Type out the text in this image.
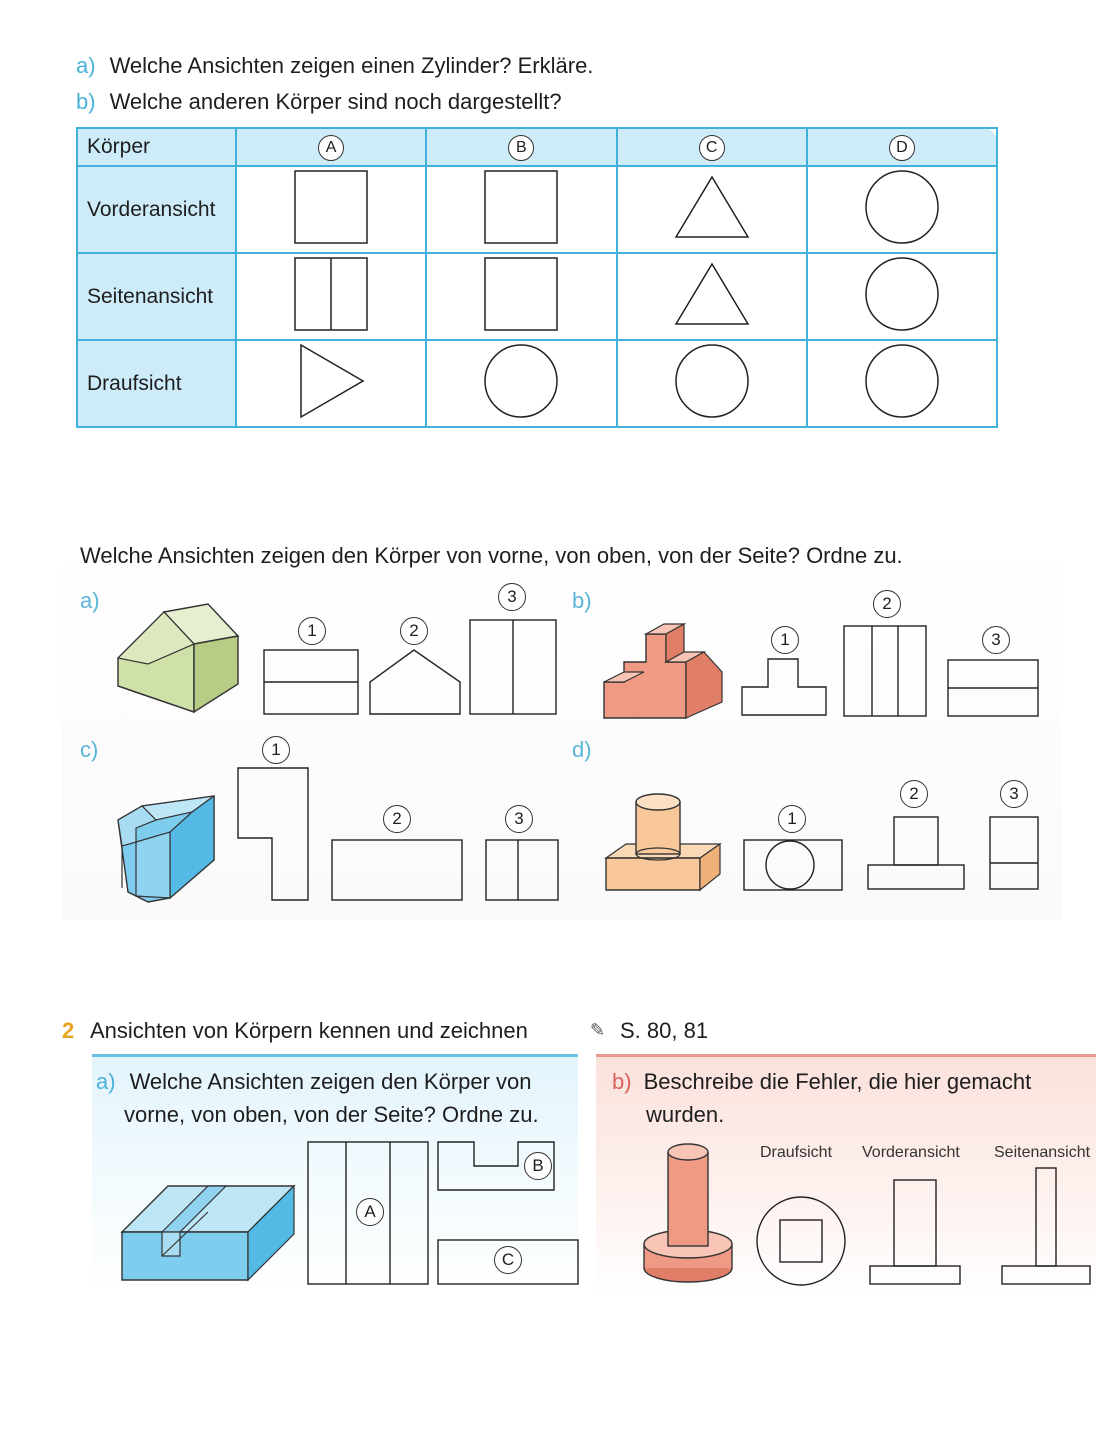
a) Welche Ansichten zeigen einen Zylinder? Erkläre.
b) Welche anderen Körper sind noch dargestellt?
Körper	A	B	C	D
Vorderansicht				
Seitenansicht				
Draufsicht				
Welche Ansichten zeigen den Körper von vorne, von oben, von der Seite? Ordne zu.
a)	b)
c)	d)
1	2
3
1
2
3
1
2	3	1
2	3
2 Ansichten von Körpern kennen und zeichnen	✎ S. 80, 81
a) Welche Ansichten zeigen den Körper von
vorne, von oben, von der Seite? Ordne zu.
A
B
C
b) Beschreibe die Fehler, die hier gemacht
wurden.
Draufsicht Vorderansicht Seitenansicht
